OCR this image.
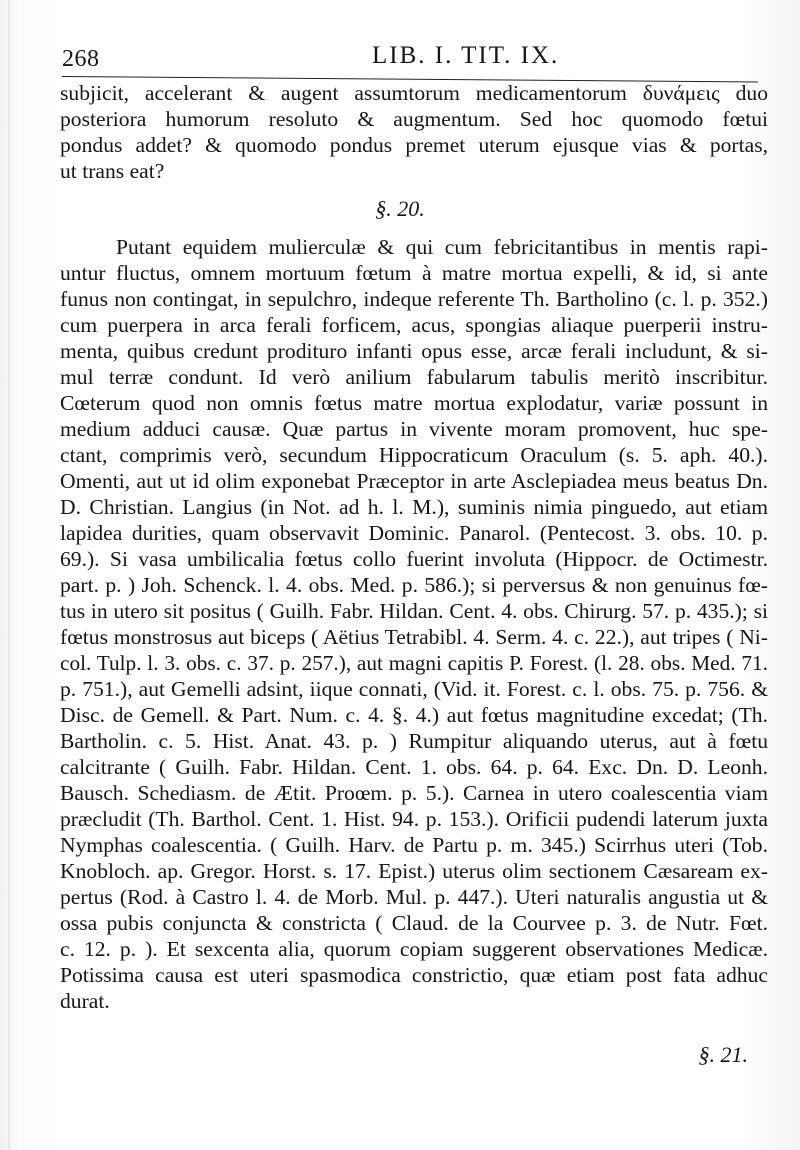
268	LIB. I. TIT. IX.
subjicit, accelerant & augent assumtorum medicamentorum δυνάμεις duo
posteriora humorum resoluto & augmentum. Sed hoc quomodo fœtui
pondus addet? & quomodo pondus premet uterum ejusque vias & portas,
ut trans eat?
§. 20.
Putant equidem mulierculæ & qui cum febricitantibus in mentis rapi-
untur fluctus, omnem mortuum fœtum à matre mortua expelli, & id, si ante
funus non contingat, in sepulchro, indeque referente Th. Bartholino (c. l. p. 352.)
cum puerpera in arca ferali forficem, acus, spongias aliaque puerperii instru-
menta, quibus credunt prodituro infanti opus esse, arcæ ferali includunt, & si-
mul terræ condunt. Id verò anilium fabularum tabulis meritò inscribitur.
Cœterum quod non omnis fœtus matre mortua explodatur, variæ possunt in
medium adduci causæ. Quæ partus in vivente moram promovent, huc spe-
ctant, comprimis verò, secundum Hippocraticum Oraculum (s. 5. aph. 40.).
Omenti, aut ut id olim exponebat Præceptor in arte Asclepiadea meus beatus Dn.
D. Christian. Langius (in Not. ad h. l. M.), suminis nimia pinguedo, aut etiam
lapidea durities, quam observavit Dominic. Panarol. (Pentecost. 3. obs. 10. p.
69.). Si vasa umbilicalia fœtus collo fuerint involuta (Hippocr. de Octimestr.
part. p. ) Joh. Schenck. l. 4. obs. Med. p. 586.); si perversus & non genuinus fœ-
tus in utero sit positus ( Guilh. Fabr. Hildan. Cent. 4. obs. Chirurg. 57. p. 435.); si
fœtus monstrosus aut biceps ( Aëtius Tetrabibl. 4. Serm. 4. c. 22.), aut tripes ( Ni-
col. Tulp. l. 3. obs. c. 37. p. 257.), aut magni capitis P. Forest. (l. 28. obs. Med. 71.
p. 751.), aut Gemelli adsint, iique connati, (Vid. it. Forest. c. l. obs. 75. p. 756. &
Disc. de Gemell. & Part. Num. c. 4. §. 4.) aut fœtus magnitudine excedat; (Th.
Bartholin. c. 5. Hist. Anat. 43. p. ) Rumpitur aliquando uterus, aut à fœtu
calcitrante ( Guilh. Fabr. Hildan. Cent. 1. obs. 64. p. 64. Exc. Dn. D. Leonh.
Bausch. Schediasm. de Ætit. Proœm. p. 5.). Carnea in utero coalescentia viam
præcludit (Th. Barthol. Cent. 1. Hist. 94. p. 153.). Orificii pudendi laterum juxta
Nymphas coalescentia. ( Guilh. Harv. de Partu p. m. 345.) Scirrhus uteri (Tob.
Knobloch. ap. Gregor. Horst. s. 17. Epist.) uterus olim sectionem Cæsaream ex-
pertus (Rod. à Castro l. 4. de Morb. Mul. p. 447.). Uteri naturalis angustia ut &
ossa pubis conjuncta & constricta ( Claud. de la Courvee p. 3. de Nutr. Fœt.
c. 12. p. ). Et sexcenta alia, quorum copiam suggerent observationes Medicæ.
Potissima causa est uteri spasmodica constrictio, quæ etiam post fata adhuc
durat.
§. 21.
